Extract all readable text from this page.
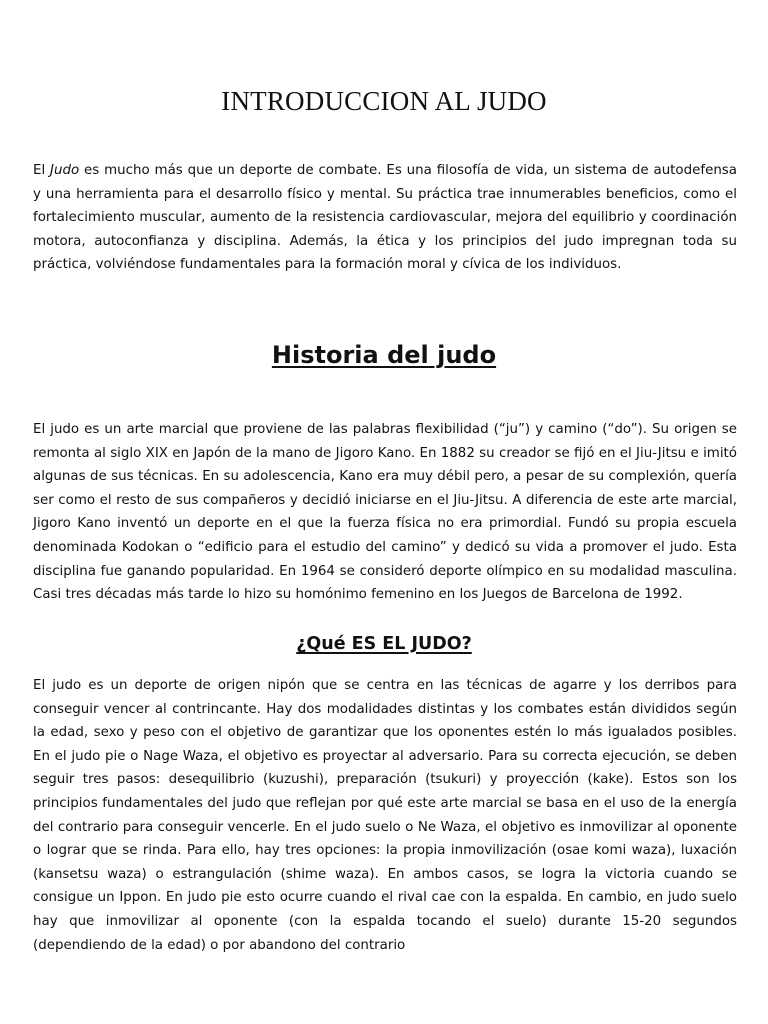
INTRODUCCION AL JUDO

El Judo es mucho más que un deporte de combate. Es una filosofía de vida, un sistema de autodefensa y una herramienta para el desarrollo físico y mental. Su práctica trae innumerables beneficios, como el fortalecimiento muscular, aumento de la resistencia cardiovascular, mejora del equilibrio y coordinación motora, autoconfianza y disciplina. Además, la ética y los principios del judo impregnan toda su práctica, volviéndose fundamentales para la formación moral y cívica de los individuos.

Historia del judo

El judo es un arte marcial que proviene de las palabras flexibilidad (“ju”) y camino (“do”). Su origen se remonta al siglo XIX en Japón de la mano de Jigoro Kano. En 1882 su creador se fijó en el Jiu-Jitsu e imitó algunas de sus técnicas. En su adolescencia, Kano era muy débil pero, a pesar de su complexión, quería ser como el resto de sus compañeros y decidió iniciarse en el Jiu-Jitsu. A diferencia de este arte marcial, Jigoro Kano inventó un deporte en el que la fuerza física no era primordial. Fundó su propia escuela denominada Kodokan o “edificio para el estudio del camino” y dedicó su vida a promover el judo. Esta disciplina fue ganando popularidad. En 1964 se consideró deporte olímpico en su modalidad masculina. Casi tres décadas más tarde lo hizo su homónimo femenino en los Juegos de Barcelona de 1992.

¿Qué ES EL JUDO?

El judo es un deporte de origen nipón que se centra en las técnicas de agarre y los derribos para conseguir vencer al contrincante. Hay dos modalidades distintas y los combates están divididos según la edad, sexo y peso con el objetivo de garantizar que los oponentes estén lo más igualados posibles. En el judo pie o Nage Waza, el objetivo es proyectar al adversario. Para su correcta ejecución, se deben seguir tres pasos: desequilibrio (kuzushi), preparación (tsukuri) y proyección (kake). Estos son los principios fundamentales del judo que reflejan por qué este arte marcial se basa en el uso de la energía del contrario para conseguir vencerle. En el judo suelo o Ne Waza, el objetivo es inmovilizar al oponente o lograr que se rinda. Para ello, hay tres opciones: la propia inmovilización (osae komi waza), luxación (kansetsu waza) o estrangulación (shime waza). En ambos casos, se logra la victoria cuando se consigue un Ippon. En judo pie esto ocurre cuando el rival cae con la espalda. En cambio, en judo suelo hay que inmovilizar al oponente (con la espalda tocando el suelo) durante 15-20 segundos (dependiendo de la edad) o por abandono del contrario
